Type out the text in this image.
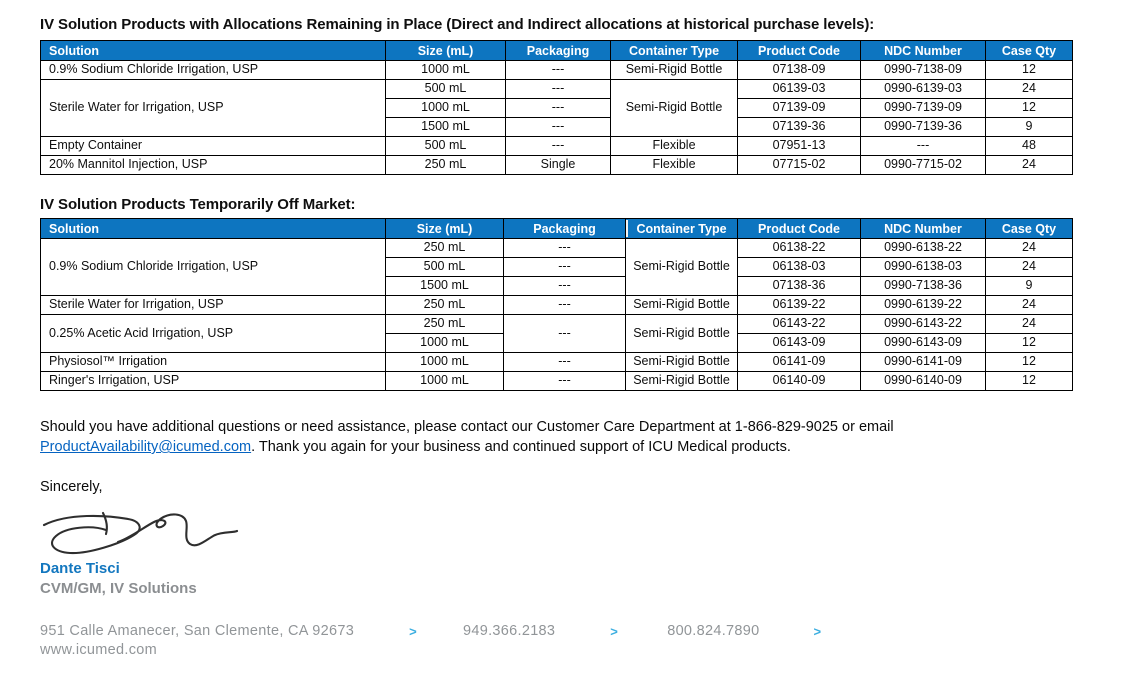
IV Solution Products with Allocations Remaining in Place (Direct and Indirect allocations at historical purchase levels):
Solution	Size (mL)	Packaging	Container Type	Product Code	NDC Number	Case Qty
0.9% Sodium Chloride Irrigation, USP	1000 mL	---	Semi-Rigid Bottle	07138-09	0990-7138-09	12
Sterile Water for Irrigation, USP	500 mL	---	Semi-Rigid Bottle	06139-03	0990-6139-03	24
	1000 mL	---		07139-09	0990-7139-09	12
	1500 mL	---		07139-36	0990-7139-36	9
Empty Container	500 mL	---	Flexible	07951-13	---	48
20% Mannitol Injection, USP	250 mL	Single	Flexible	07715-02	0990-7715-02	24
IV Solution Products Temporarily Off Market:
Solution	Size (mL)	Packaging	Container Type	Product Code	NDC Number	Case Qty
0.9% Sodium Chloride Irrigation, USP	250 mL	---	Semi-Rigid Bottle	06138-22	0990-6138-22	24
	500 mL	---		06138-03	0990-6138-03	24
	1500 mL	---		07138-36	0990-7138-36	9
Sterile Water for Irrigation, USP	250 mL	---	Semi-Rigid Bottle	06139-22	0990-6139-22	24
0.25% Acetic Acid Irrigation, USP	250 mL	---	Semi-Rigid Bottle	06143-22	0990-6143-22	24
	1000 mL			06143-09	0990-6143-09	12
Physiosol™ Irrigation	1000 mL	---	Semi-Rigid Bottle	06141-09	0990-6141-09	12
Ringer's Irrigation, USP	1000 mL	---	Semi-Rigid Bottle	06140-09	0990-6140-09	12
Should you have additional questions or need assistance, please contact our Customer Care Department at 1-866-829-9025 or email
ProductAvailability@icumed.com. Thank you again for your business and continued support of ICU Medical products.
Sincerely,
Dante Tisci
CVM/GM, IV Solutions
951 Calle Amanecer, San Clemente, CA 92673	>	949.366.2183	>	800.824.7890	>
www.icumed.com
